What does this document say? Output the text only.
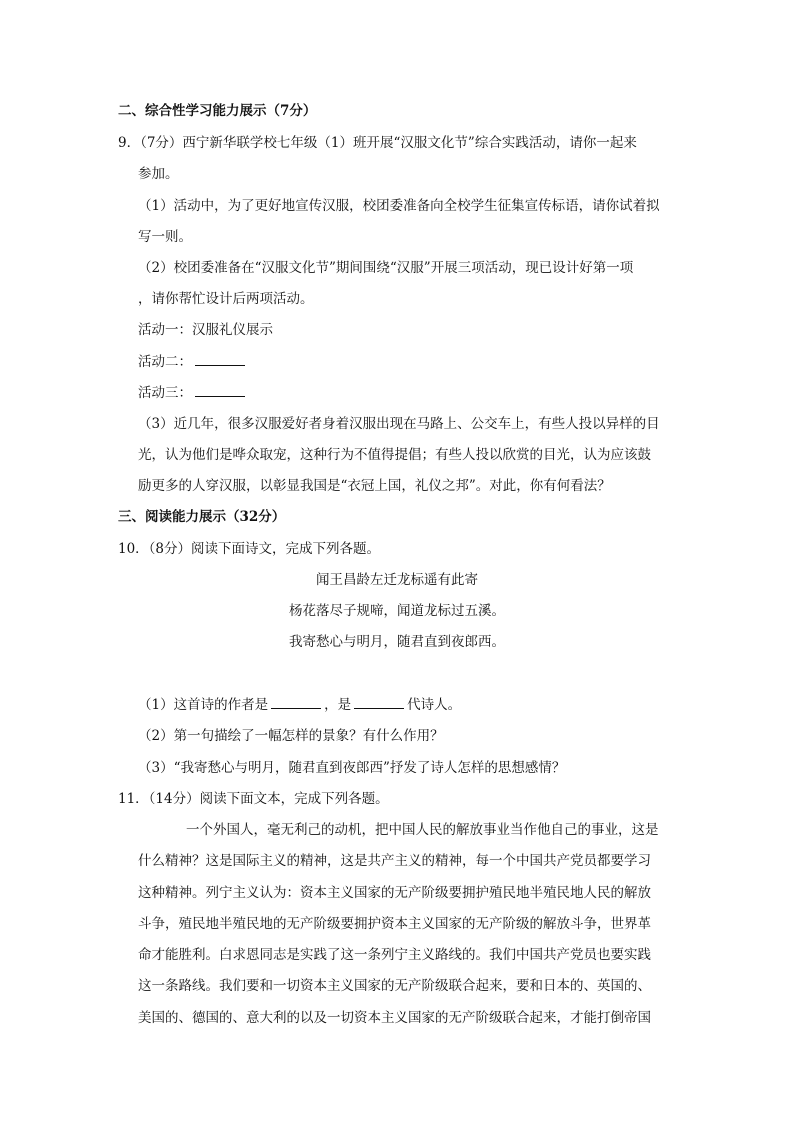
二、综合性学习能力展示（7分）
9．（7分）西宁新华联学校七年级（1）班开展“汉服文化节”综合实践活动，请你一起来
参加。
（1）活动中，为了更好地宣传汉服，校团委准备向全校学生征集宣传标语，请你试着拟
写一则。
（2）校团委准备在“汉服文化节”期间围绕“汉服”开展三项活动，现已设计好第一项
，请你帮忙设计后两项活动。
活动一：汉服礼仪展示
活动二：
活动三：
（3）近几年，很多汉服爱好者身着汉服出现在马路上、公交车上，有些人投以异样的目
光，认为他们是哗众取宠，这种行为不值得提倡；有些人投以欣赏的目光，认为应该鼓
励更多的人穿汉服，以彰显我国是“衣冠上国，礼仪之邦”。对此，你有何看法？
三、阅读能力展示（32分）
10．（8分）阅读下面诗文，完成下列各题。
闻王昌龄左迁龙标遥有此寄
杨花落尽子规啼，闻道龙标过五溪。
我寄愁心与明月，随君直到夜郎西。
（1）这首诗的作者是	，是	代诗人。
（2）第一句描绘了一幅怎样的景象？有什么作用？
（3）“我寄愁心与明月，随君直到夜郎西”抒发了诗人怎样的思想感情？
11．（14分）阅读下面文本，完成下列各题。
一个外国人，毫无利己的动机，把中国人民的解放事业当作他自己的事业，这是
什么精神？这是国际主义的精神，这是共产主义的精神，每一个中国共产党员都要学习
这种精神。列宁主义认为：资本主义国家的无产阶级要拥护殖民地半殖民地人民的解放
斗争，殖民地半殖民地的无产阶级要拥护资本主义国家的无产阶级的解放斗争，世界革
命才能胜利。白求恩同志是实践了这一条列宁主义路线的。我们中国共产党员也要实践
这一条路线。我们要和一切资本主义国家的无产阶级联合起来，要和日本的、英国的、
美国的、德国的、意大利的以及一切资本主义国家的无产阶级联合起来，才能打倒帝国
